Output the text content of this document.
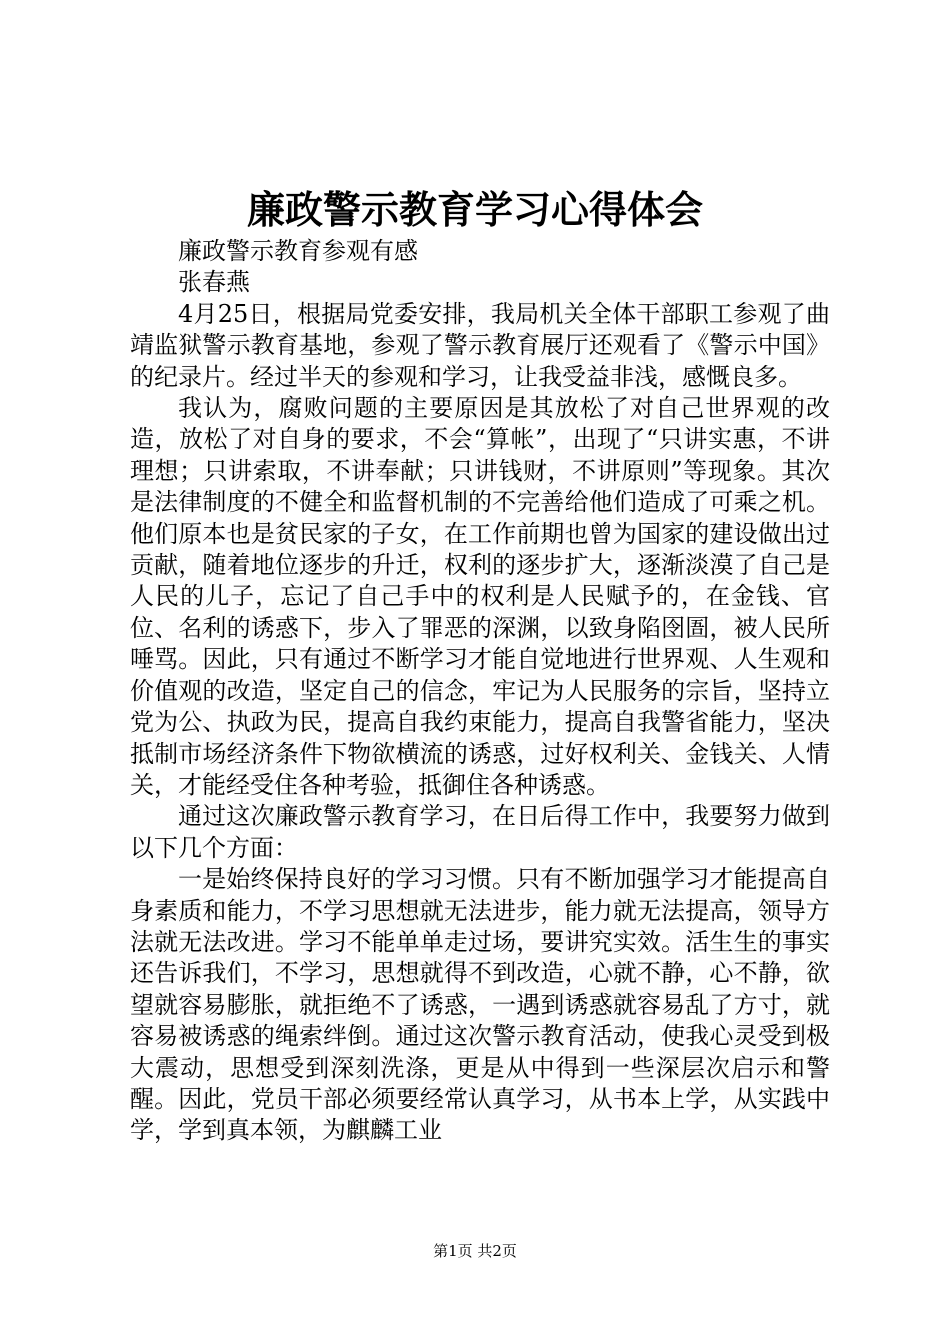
廉政警示教育学习心得体会

廉政警示教育参观有感

张春燕

4月25日，根据局党委安排，我局机关全体干部职工参观了曲靖监狱警示教育基地，参观了警示教育展厅还观看了《警示中国》的纪录片。经过半天的参观和学习，让我受益非浅，感慨良多。

我认为，腐败问题的主要原因是其放松了对自己世界观的改造，放松了对自身的要求，不会“算帐”，出现了“只讲实惠，不讲理想；只讲索取，不讲奉献；只讲钱财，不讲原则”等现象。其次是法律制度的不健全和监督机制的不完善给他们造成了可乘之机。他们原本也是贫民家的子女，在工作前期也曾为国家的建设做出过贡献，随着地位逐步的升迁，权利的逐步扩大，逐渐淡漠了自己是人民的儿子，忘记了自己手中的权利是人民赋予的，在金钱、官位、名利的诱惑下，步入了罪恶的深渊，以致身陷囹圄，被人民所唾骂。因此，只有通过不断学习才能自觉地进行世界观、人生观和价值观的改造，坚定自己的信念，牢记为人民服务的宗旨，坚持立党为公、执政为民，提高自我约束能力，提高自我警省能力，坚决抵制市场经济条件下物欲横流的诱惑，过好权利关、金钱关、人情关，才能经受住各种考验，抵御住各种诱惑。

通过这次廉政警示教育学习，在日后得工作中，我要努力做到以下几个方面：

一是始终保持良好的学习习惯。只有不断加强学习才能提高自身素质和能力，不学习思想就无法进步，能力就无法提高，领导方法就无法改进。学习不能单单走过场，要讲究实效。活生生的事实还告诉我们，不学习，思想就得不到改造，心就不静，心不静，欲望就容易膨胀，就拒绝不了诱惑，一遇到诱惑就容易乱了方寸，就容易被诱惑的绳索绊倒。通过这次警示教育活动，使我心灵受到极大震动，思想受到深刻洗涤，更是从中得到一些深层次启示和警醒。因此，党员干部必须要经常认真学习，从书本上学，从实践中学，学到真本领，为麒麟工业

第1页 共2页
